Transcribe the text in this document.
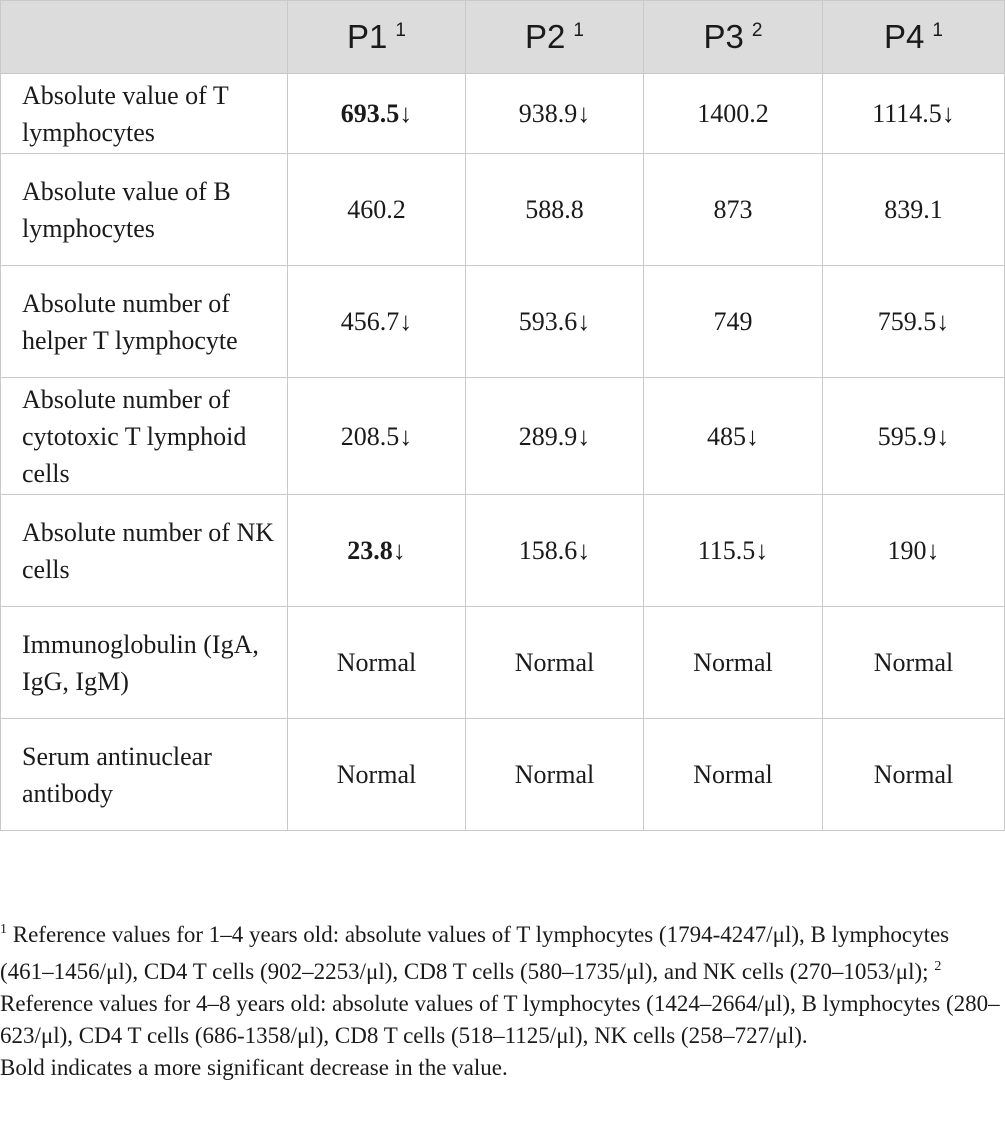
	P1 $^1$	P2 $^1$	P3 $^2$	P4 $^1$
Absolute value of T lymphocytes	693.5↓	938.9↓	1400.2	1114.5↓
Absolute value of B lymphocytes	460.2	588.8	873	839.1
Absolute number of helper T lymphocyte	456.7↓	593.6↓	749	759.5↓
Absolute number of cytotoxic T lymphoid cells	208.5↓	289.9↓	485↓	595.9↓
Absolute number of NK cells	23.8↓	158.6↓	115.5↓	190↓
Immunoglobulin (IgA, IgG, IgM)	Normal	Normal	Normal	Normal
Serum antinuclear antibody	Normal	Normal	Normal	Normal

$^1$ Reference values for 1–4 years old: absolute values of T lymphocytes (1794-4247/μl), B lymphocytes (461–1456/μl), CD4 T cells (902–2253/μl), CD8 T cells (580–1735/μl), and NK cells (270–1053/μl); $^2$ Reference values for 4–8 years old: absolute values of T lymphocytes (1424–2664/μl), B lymphocytes (280–623/μl), CD4 T cells (686-1358/μl), CD8 T cells (518–1125/μl), NK cells (258–727/μl).

Bold indicates a more significant decrease in the value.
